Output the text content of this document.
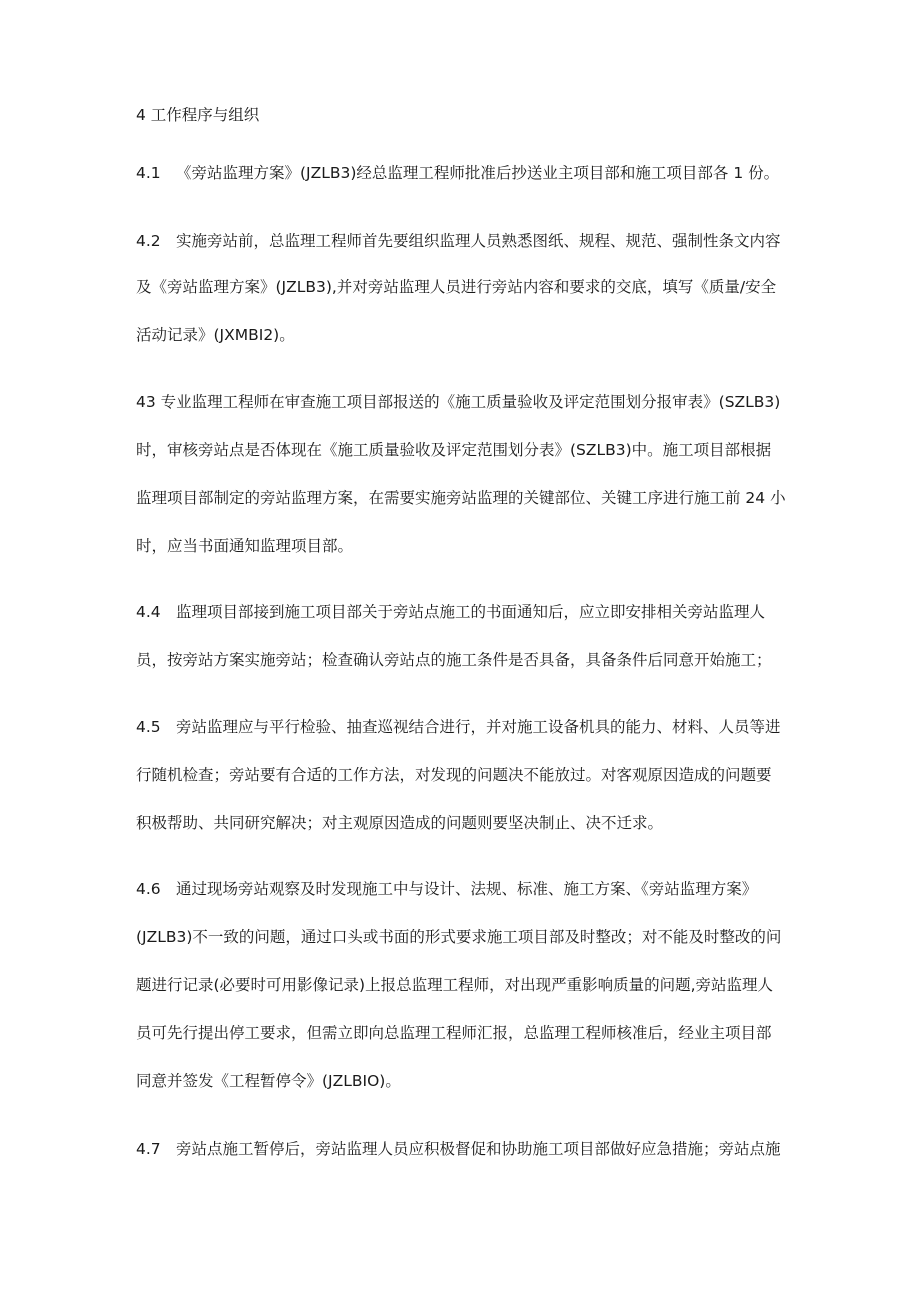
4 工作程序与组织
4.1 《旁站监理方案》(JZLB3)经总监理工程师批准后抄送业主项目部和施工项目部各 1 份。
4.2 实施旁站前，总监理工程师首先要组织监理人员熟悉图纸、规程、规范、强制性条文内容
及《旁站监理方案》(JZLB3),并对旁站监理人员进行旁站内容和要求的交底，填写《质量/安全
活动记录》(JXMBI2)。
43 专业监理工程师在审查施工项目部报送的《施工质量验收及评定范围划分报审表》(SZLB3)
时，审核旁站点是否体现在《施工质量验收及评定范围划分表》(SZLB3)中。施工项目部根据
监理项目部制定的旁站监理方案，在需要实施旁站监理的关键部位、关键工序进行施工前 24 小
时，应当书面通知监理项目部。
4.4 监理项目部接到施工项目部关于旁站点施工的书面通知后，应立即安排相关旁站监理人
员，按旁站方案实施旁站；检查确认旁站点的施工条件是否具备，具备条件后同意开始施工；
4.5 旁站监理应与平行检验、抽查巡视结合进行，并对施工设备机具的能力、材料、人员等进
行随机检查；旁站要有合适的工作方法，对发现的问题决不能放过。对客观原因造成的问题要
积极帮助、共同研究解决；对主观原因造成的问题则要坚决制止、决不迁求。
4.6 通过现场旁站观察及时发现施工中与设计、法规、标准、施工方案、《旁站监理方案》
(JZLB3)不一致的问题，通过口头或书面的形式要求施工项目部及时整改；对不能及时整改的问
题进行记录(必要时可用影像记录)上报总监理工程师，对出现严重影响质量的问题,旁站监理人
员可先行提出停工要求，但需立即向总监理工程师汇报，总监理工程师核准后，经业主项目部
同意并签发《工程暂停令》(JZLBIO)。
4.7 旁站点施工暂停后，旁站监理人员应积极督促和协助施工项目部做好应急措施；旁站点施
